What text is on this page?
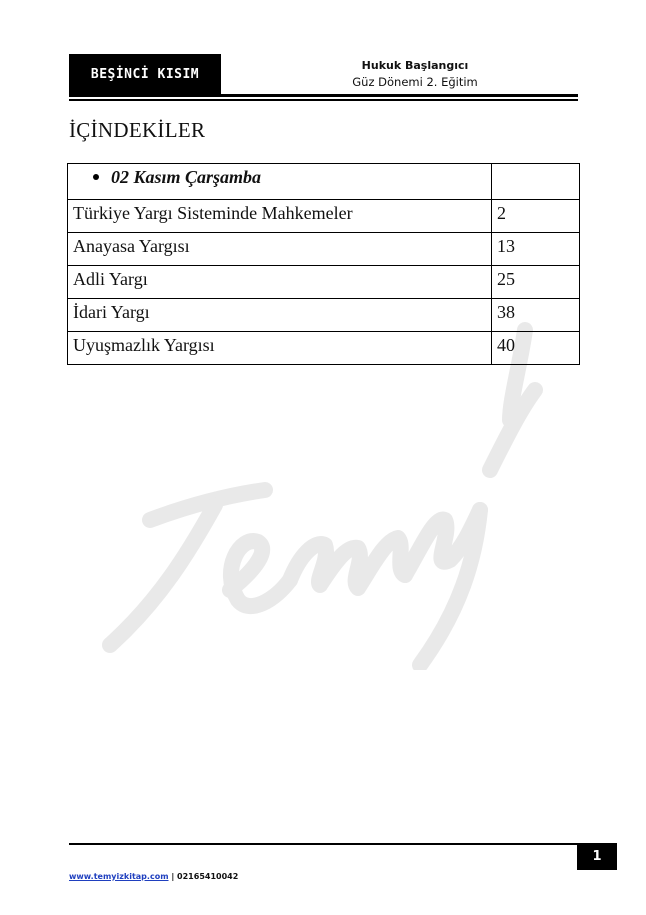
BEŞİNCİ KISIM
Hukuk Başlangıcı
Güz Dönemi 2. Eğitim
İÇİNDEKİLER
02 Kasım Çarşamba	
Türkiye Yargı Sisteminde Mahkemeler	2
Anayasa Yargısı	13
Adli Yargı	25
İdari Yargı	38
Uyuşmazlık Yargısı	40
1
www.temyizkitap.com | 02165410042
